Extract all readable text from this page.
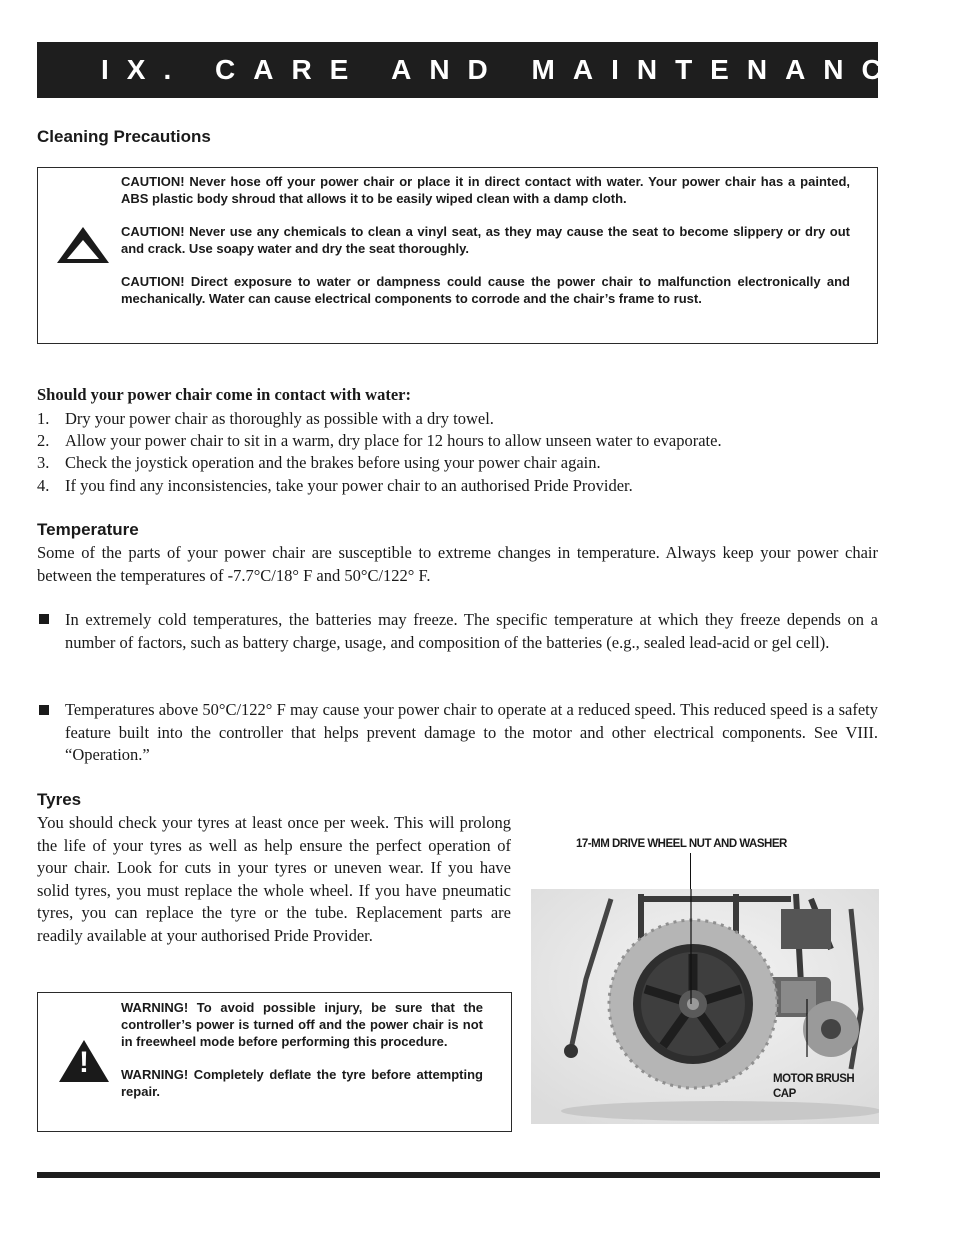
IX. CARE AND MAINTENANCE
Cleaning Precautions

CAUTION! Never hose off your power chair or place it in direct contact with water. Your power chair has a painted, ABS plastic body shroud that allows it to be easily wiped clean with a damp cloth.

CAUTION! Never use any chemicals to clean a vinyl seat, as they may cause the seat to become slippery or dry out and crack. Use soapy water and dry the seat thoroughly.

CAUTION! Direct exposure to water or dampness could cause the power chair to malfunction electronically and mechanically. Water can cause electrical components to corrode and the chair’s frame to rust.

Should your power chair come in contact with water:
1. Dry your power chair as thoroughly as possible with a dry towel.
2. Allow your power chair to sit in a warm, dry place for 12 hours to allow unseen water to evaporate.
3. Check the joystick operation and the brakes before using your power chair again.
4. If you find any inconsistencies, take your power chair to an authorised Pride Provider.
Temperature

Some of the parts of your power chair are susceptible to extreme changes in temperature. Always keep your power chair between the temperatures of -7.7°C/18° F and 50°C/122° F.

In extremely cold temperatures, the batteries may freeze. The specific temperature at which they freeze depends on a number of factors, such as battery charge, usage, and composition of the batteries (e.g., sealed lead-acid or gel cell).

Temperatures above 50°C/122° F may cause your power chair to operate at a reduced speed. This reduced speed is a safety feature built into the controller that helps prevent damage to the motor and other electrical components. See VIII. “Operation.”

Tyres

You should check your tyres at least once per week. This will prolong the life of your tyres as well as help ensure the perfect operation of your chair. Look for cuts in your tyres or uneven wear. If you have solid tyres, you must replace the whole wheel. If you have pneumatic tyres, you can replace the tyre or the tube. Replacement parts are readily available at your authorised Pride Provider.

!

WARNING! To avoid possible injury, be sure that the controller’s power is turned off and the power chair is not in freewheel mode before performing this procedure.

WARNING! Completely deflate the tyre before attempting repair.

17-MM DRIVE WHEEL NUT AND WASHER
MOTOR BRUSH
CAP
